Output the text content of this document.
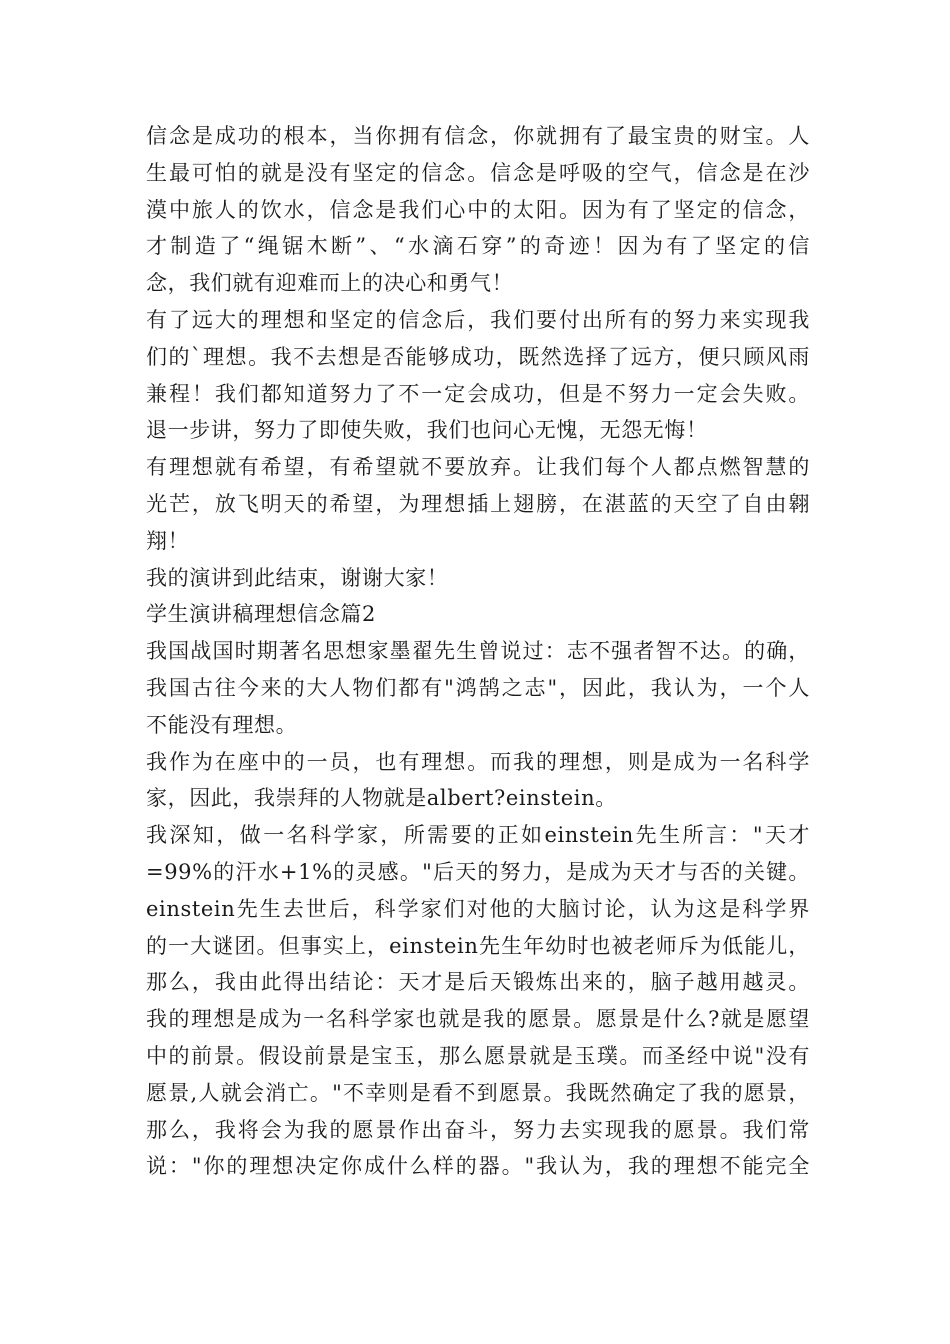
信念是成功的根本，当你拥有信念，你就拥有了最宝贵的财宝。人
生最可怕的就是没有坚定的信念。信念是呼吸的空气，信念是在沙
漠中旅人的饮水，信念是我们心中的太阳。因为有了坚定的信念，
才制造了“绳锯木断”、“水滴石穿”的奇迹！因为有了坚定的信
念，我们就有迎难而上的决心和勇气！
有了远大的理想和坚定的信念后，我们要付出所有的努力来实现我
们的`理想。我不去想是否能够成功，既然选择了远方，便只顾风雨
兼程！我们都知道努力了不一定会成功，但是不努力一定会失败。
退一步讲，努力了即使失败，我们也问心无愧，无怨无悔！
有理想就有希望，有希望就不要放弃。让我们每个人都点燃智慧的
光芒，放飞明天的希望，为理想插上翅膀，在湛蓝的天空了自由翱
翔！
我的演讲到此结束，谢谢大家！
学生演讲稿理想信念篇2
我国战国时期著名思想家墨翟先生曾说过：志不强者智不达。的确，
我国古往今来的大人物们都有"鸿鹄之志"，因此，我认为，一个人
不能没有理想。
我作为在座中的一员，也有理想。而我的理想，则是成为一名科学
家，因此，我崇拜的人物就是albert?einstein。
我深知，做一名科学家，所需要的正如einstein先生所言："天才
=99%的汗水+1%的灵感。"后天的努力，是成为天才与否的关键。
einstein先生去世后，科学家们对他的大脑讨论，认为这是科学界
的一大谜团。但事实上，einstein先生年幼时也被老师斥为低能儿，
那么，我由此得出结论：天才是后天锻炼出来的，脑子越用越灵。
我的理想是成为一名科学家也就是我的愿景。愿景是什么?就是愿望
中的前景。假设前景是宝玉，那么愿景就是玉璞。而圣经中说"没有
愿景,人就会消亡。"不幸则是看不到愿景。我既然确定了我的愿景，
那么，我将会为我的愿景作出奋斗，努力去实现我的愿景。我们常
说："你的理想决定你成什么样的器。"我认为，我的理想不能完全
